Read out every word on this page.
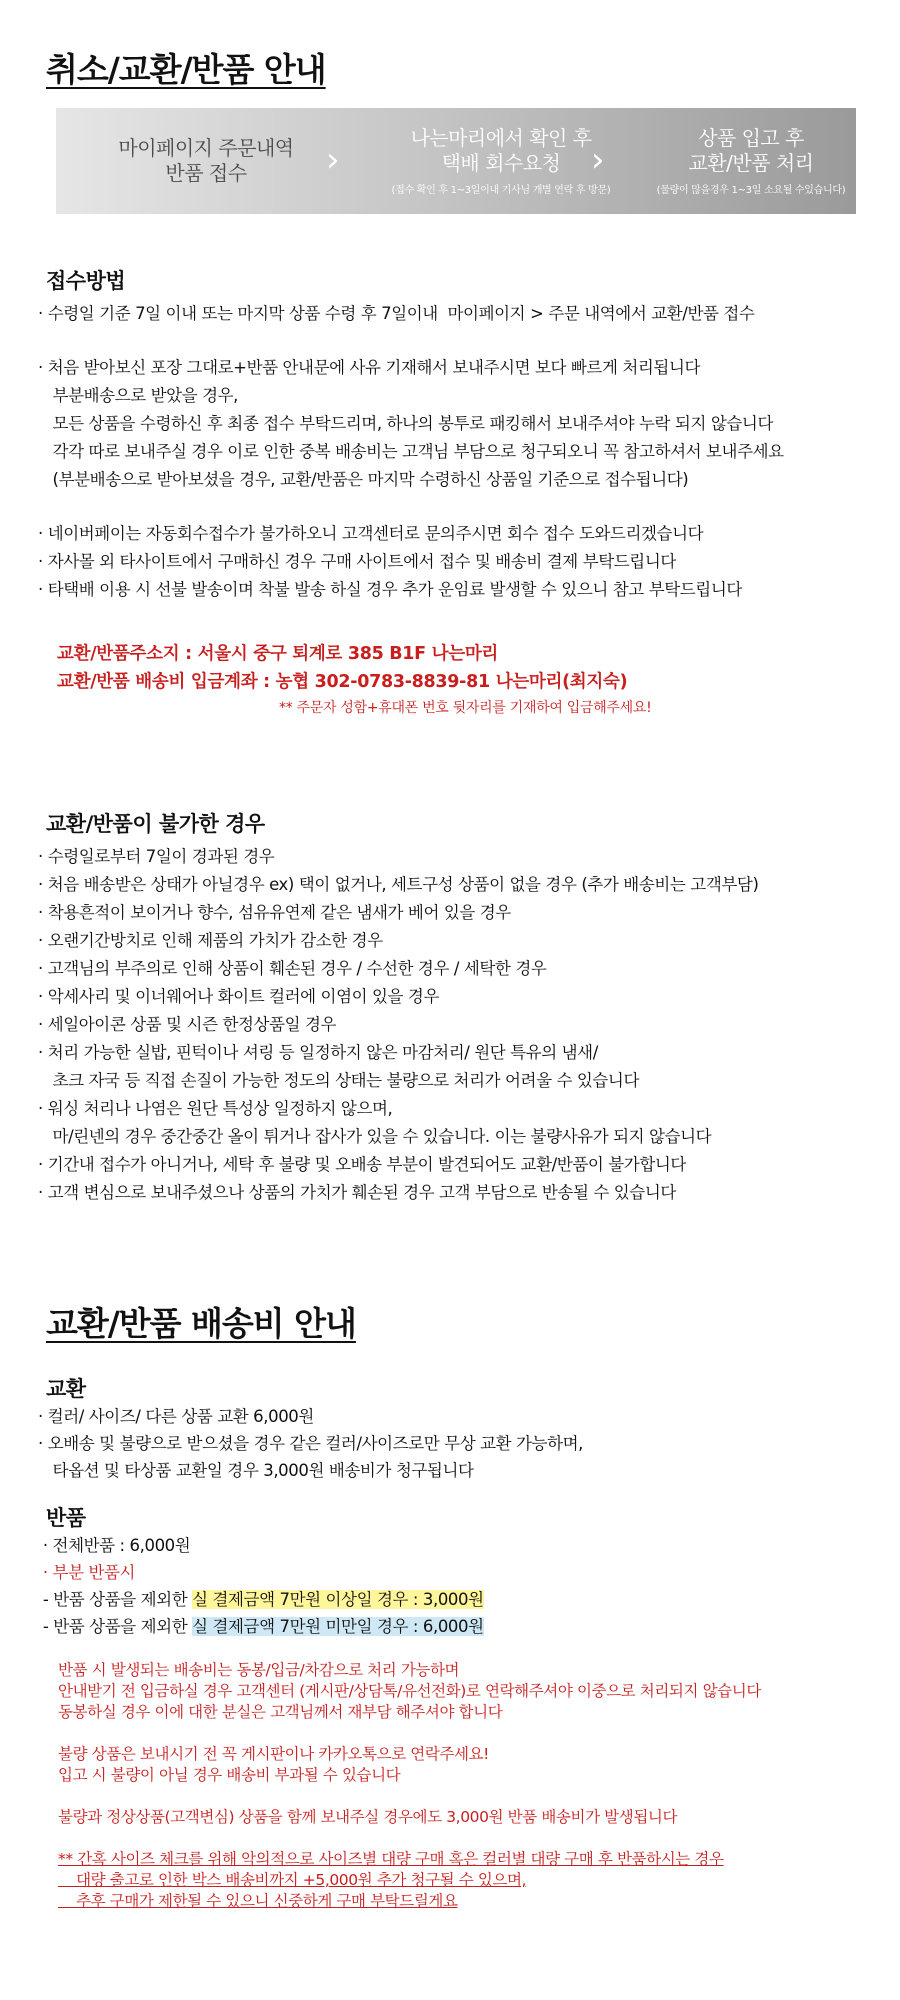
취소/교환/반품 안내
마이페이지 주문내역
반품 접수	›
나는마리에서 확인 후
택배 회수요청
(접수 확인 후 1~3일이내 기사님 개별 연락 후 방문)
›
상품 입고 후
교환/반품 처리
(물량이 많을경우 1~3일 소요될 수있습니다)
접수방법
· 수령일 기준 7일 이내 또는 마지막 상품 수령 후 7일이내  마이페이지 > 주문 내역에서 교환/반품 접수
· 처음 받아보신 포장 그대로+반품 안내문에 사유 기재해서 보내주시면 보다 빠르게 처리됩니다
부분배송으로 받았을 경우,
모든 상품을 수령하신 후 최종 접수 부탁드리며, 하나의 봉투로 패킹해서 보내주셔야 누락 되지 않습니다
각각 따로 보내주실 경우 이로 인한 중복 배송비는 고객님 부담으로 청구되오니 꼭 참고하셔서 보내주세요
(부분배송으로 받아보셨을 경우, 교환/반품은 마지막 수령하신 상품일 기준으로 접수됩니다)
· 네이버페이는 자동회수접수가 불가하오니 고객센터로 문의주시면 회수 접수 도와드리겠습니다
· 자사몰 외 타사이트에서 구매하신 경우 구매 사이트에서 접수 및 배송비 결제 부탁드립니다
· 타택배 이용 시 선불 발송이며 착불 발송 하실 경우 추가 운임료 발생할 수 있으니 참고 부탁드립니다
교환/반품주소지 : 서울시 중구 퇴계로 385 B1F 나는마리
교환/반품 배송비 입금계좌 : 농협 302-0783-8839-81 나는마리(최지숙)
** 주문자 성함+휴대폰 번호 뒷자리를 기재하여 입금해주세요!
교환/반품이 불가한 경우
· 수령일로부터 7일이 경과된 경우
· 처음 배송받은 상태가 아닐경우 ex) 택이 없거나, 세트구성 상품이 없을 경우 (추가 배송비는 고객부담)
· 착용흔적이 보이거나 향수, 섬유유연제 같은 냄새가 베어 있을 경우
· 오랜기간방치로 인해 제품의 가치가 감소한 경우
· 고객님의 부주의로 인해 상품이 훼손된 경우 / 수선한 경우 / 세탁한 경우
· 악세사리 및 이너웨어나 화이트 컬러에 이염이 있을 경우
· 세일아이콘 상품 및 시즌 한정상품일 경우
· 처리 가능한 실밥, 핀턱이나 셔링 등 일정하지 않은 마감처리/ 원단 특유의 냄새/
초크 자국 등 직접 손질이 가능한 정도의 상태는 불량으로 처리가 어려울 수 있습니다
· 워싱 처리나 나염은 원단 특성상 일정하지 않으며,
마/린넨의 경우 중간중간 올이 튀거나 잡사가 있을 수 있습니다. 이는 불량사유가 되지 않습니다
· 기간내 접수가 아니거나, 세탁 후 불량 및 오배송 부분이 발견되어도 교환/반품이 불가합니다
· 고객 변심으로 보내주셨으나 상품의 가치가 훼손된 경우 고객 부담으로 반송될 수 있습니다
교환/반품 배송비 안내
교환
· 컬러/ 사이즈/ 다른 상품 교환 6,000원
· 오배송 및 불량으로 받으셨을 경우 같은 컬러/사이즈로만 무상 교환 가능하며,
타옵션 및 타상품 교환일 경우 3,000원 배송비가 청구됩니다
반품
· 전체반품 : 6,000원
· 부분 반품시
- 반품 상품을 제외한 실 결제금액 7만원 이상일 경우 : 3,000원
- 반품 상품을 제외한 실 결제금액 7만원 미만일 경우 : 6,000원
반품 시 발생되는 배송비는 동봉/입금/차감으로 처리 가능하며
안내받기 전 입금하실 경우 고객센터 (게시판/상담톡/유선전화)로 연락해주셔야 이중으로 처리되지 않습니다
동봉하실 경우 이에 대한 분실은 고객님께서 재부담 해주셔야 합니다
불량 상품은 보내시기 전 꼭 게시판이나 카카오톡으로 연락주세요!
입고 시 불량이 아닐 경우 배송비 부과될 수 있습니다
불량과 정상상품(고객변심) 상품을 함께 보내주실 경우에도 3,000원 반품 배송비가 발생됩니다
** 간혹 사이즈 체크를 위해 악의적으로 사이즈별 대량 구매 혹은 컬러별 대량 구매 후 반품하시는 경우
대량 출고로 인한 박스 배송비까지 +5,000원 추가 청구될 수 있으며,
추후 구매가 제한될 수 있으니 신중하게 구매 부탁드릴게요
